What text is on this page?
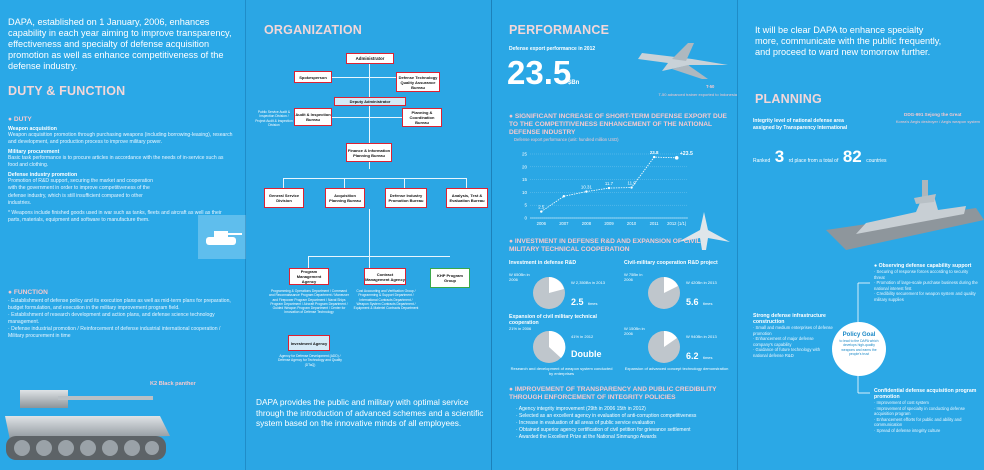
DAPA, established on 1 January, 2006, enhances capability in each year aiming to improve transparency, effectiveness and specialty of defense acquisition promotion as well as enhance competitiveness of the defense industry.
DUTY & FUNCTION
● DUTY
Weapon acquisition
Weapon acquisition promotion through purchasing weapons (including borrowing-leasing), research and development, and production process to improve military power.
Military procurement
Basic task performance is to procure articles in accordance with the needs of in-service such as food and clothing.
Defense industry promotion
Promotion of R&D support, securing the market and cooperation with the government in order to improve competitiveness of the defense industry, which is still insufficient compared to other industries.
* Weapons include finished goods used in war such as tanks, fleets and aircraft as well as their parts, materials, equipment and software to manufacture them.
● FUNCTION
· Establishment of defense policy and its execution plans as well as mid-term plans for preparation, budget formulation, and execution in the military improvement program field.
· Establishment of research development and action plans, and defense science technology management.
· Defense industrial promotion / Reinforcement of defense industrial international cooperation / Military procurement in time
K2 Black panther
ORGANIZATION
Administrator
Spokesperson	Defense Technology Quality Assurance Bureau
Deputy Administrator
Audit & Inspection Bureau
Planning & Coordination Bureau
Public Service Audit & Inspection Division / Project Audit & Inspection Division
Finance & Information Planning Bureau
General Service Division
Acquisition Planning Bureau
Defense Industry Promotion Bureau
Analysis, Test & Evaluation Bureau
Program Management Agency
Contract Management Agency
KHP Program Group
Programming & Operations Department / Command and Reconnaissance Program Department / Maneuver and Firepower Program Department / Naval Ships Program Department / Aircraft Program Department / Guided Weapon Program Department / Center for Innovation of Defense Technology
Cost Accounting and Verification Group / Programming & Support Department / International Contracts Department / Weapon System Contracts Department / Equipment & Materiel Contracts Department
Investment Agency
Agency for Defense Development (ADD) / Defense Agency for Technology and Quality (DTaQ)
DAPA provides the public and military with optimal service through the introduction of advanced schemes and a scientific system based on the innovative minds of all employees.
PERFORMANCE
Defense export performance in 2012
23.5
$Bn
T-50
T-50 advanced trainer exported to Indonesia
● SIGNIFICANT INCREASE OF SHORT-TERM DEFENSE EXPORT DUE TO THE COMPETITIVENESS ENHANCEMENT OF THE NATIONAL DEFENSE INDUSTRY
Defense export performance (unit: hundred million USD)
0
5
10
15
20
25
2006	2007	2008	2009	2010	2011 2012 (1/1)
2.5
10.31
11.7	11.9
23.8	+23.5
● INVESTMENT IN DEFENSE R&D AND EXPANSION OF CIVIL MILITARY TECHNICAL COOPERATION
Investment in defense R&D
W 650Bn in 2006
W 2,350Bn in 2013
2.5 times
Civil-military cooperation R&D project
W 75Bn in 2006
W 420Bn in 2013
5.6 times
Expansion of civil military technical cooperation
21% in 2006
41% in 2012
Double
Research and development of weapon system conducted by enterprises
W 150Bn in 2006
W 940Bn in 2013
6.2 times
Expansion of advanced concept technology demonstration
● IMPROVEMENT OF TRANSPARENCY AND PUBLIC CREDIBILITY THROUGH ENFORCEMENT OF INTEGRITY POLICIES
· Agency integrity improvement (29th in 2006 15th in 2012)
· Selected as an excellent agency in evaluation of anti-corruption competitiveness
· Increase in evaluation of all areas of public service evaluation
· Obtained superior agency certification of civil petition for grievance settlement
· Awarded the Excellent Prize at the National Sinmungo Awards
It will be clear DAPA to enhance specialty more, communicate with the public frequently, and proceed to ward new tomorrow further.
PLANNING
DDG-991 Sejong the Great
Korea's Aegis destroyer / Aegis weapon system
Integrity level of national defense area assigned by Transparency International
Ranked 3 rd place from a total of 82 countries
Policy Goal
to lead to the DAPA which develops high-quality weapons and earns the people's trust
● Observing defense capability support
· Securing of response forces according to security threat
· Promotion of large-scale purchase business during the national interest first
· Credibility securement for weapon system and quality military supplies
Strong defense infrastructure construction
· Small and medium enterprises of defense promotion
· Enhancement of major defense company's capability
· Guidance of future technology with national defense R&D
Confidential defense acquisition program promotion
· Improvement of cost system
· Improvement of specialty in conducting defense acquisition program
· Enhancement efforts for public and ability and communication
· Spread of defense integrity culture
